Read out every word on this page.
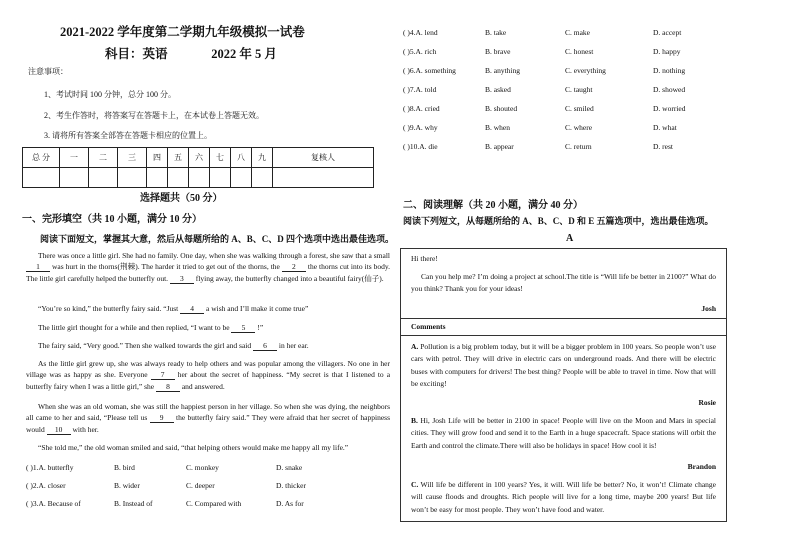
2021-2022 学年度第二学期九年级模拟一试卷
科目：英语              2022 年 5 月
注意事项：
1、考试时间 100 分钟，总分 100 分。
2、考生作答时，将答案写在答题卡上，在本试卷上答题无效。
3. 请将所有答案全部答在答题卡相应的位置上。
总 分	一	二	三	四	五	六	七	八	九	复核人

选择题共（50 分）
一、完形填空（共 10 小题，满分 10 分）
阅读下面短文，掌握其大意，然后从每题所给的 A、B、C、D 四个选项中选出最佳选项。
There was once a little girl. She had no family. One day, when she was walking through a forest, she saw that a small 1 was hurt in the thorns(荆棘). The harder it tried to get out of the thorns, the 2 the thorns cut into its body. The little girl carefully helped the butterfly out. 3 flying away, the butterfly changed into a beautiful fairy(仙子).
“You’re so kind,” the butterfly fairy said. “Just 4 a wish and I’ll make it come true”
The little girl thought for a while and then replied, “I want to be 5 !”
The fairy said, “Very good.” Then she walked towards the girl and said 6 in her ear.
As the little girl grew up, she was always ready to help others and was popular among the villagers. No one in her village was as happy as she. Everyone 7 her about the secret of happiness. “My secret is that I listened to a butterfly fairy when I was a little girl,” she 8 and answered.
When she was an old woman, she was still the happiest person in her village. So when she was dying, the neighbors all came to her and said, “Please tell us 9 the butterfly fairy said.” They were afraid that her secret of happiness would 10 with her.
“She told me,” the old woman smiled and said, “that helping others would make me happy all my life.”
( )1.A. butterfly	B. bird	C. monkey	D. snake
( )2.A. closer	B. wider	C. deeper	D. thicker
( )3.A. Because of	B. Instead of	C. Compared with	D. As for
( )4.A. lend	B. take	C. make	D. accept
( )5.A. rich	B. brave	C. honest	D. happy
( )6.A. something	B. anything	C. everything	D. nothing
( )7.A. told	B. asked	C. taught	D. showed
( )8.A. cried	B. shouted	C. smiled	D. worried
( )9.A. why	B. when	C. where	D. what
( )10.A. die	B. appear	C. return	D. rest
二、阅读理解（共 20 小题，满分 40 分）
阅读下列短文，从每题所给的 A、B、C、D 和 E 五篇选项中，选出最佳选项。
A
Hi there!
Can you help me? I’m doing a project at school.The title is “Will life be better in 2100?” What do you think? Thank you for your ideas!
Josh
Comments
A. Pollution is a big problem today, but it will be a bigger problem in 100 years. So people won’t use cars with petrol. They will drive in electric cars on underground roads. And there will be electric buses with computers for drivers! The best thing? People will be able to travel in time. Now that will be exciting!
Rosie
B. Hi, Josh Life will be better in 2100 in space! People will live on the Moon and Mars in special cities. They will grow food and send it to the Earth in a huge spacecraft. Space stations will orbit the Earth and control the climate.There will also be holidays in space! How cool it is!
Brandon
C. Will life be different in 100 years? Yes, it will. Will life be better? No, it won’t! Climate change will cause floods and droughts. Rich people will live for a long time, maybe 200 years! But life won’t be easy for most people. They won’t have food and water.
